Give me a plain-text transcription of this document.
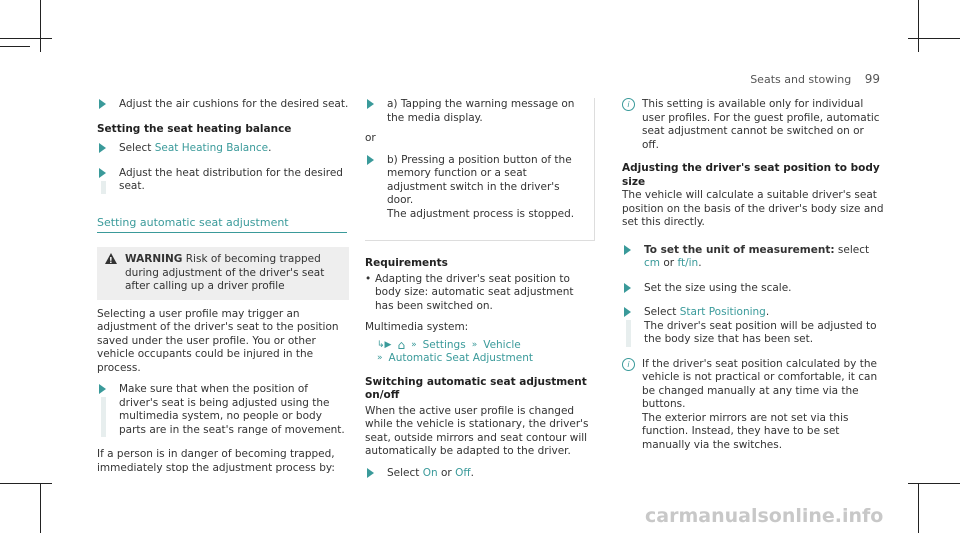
Seats and stowing 99
Adjust the air cushions for the desired seat.
Setting the seat heating balance
Select Seat Heating Balance.
Adjust the heat distribution for the desired seat.
Setting automatic seat adjustment
!
WARNING Risk of becoming trapped during adjustment of the driver's seat after calling up a driver profile
Selecting a user profile may trigger an adjustment of the driver's seat to the position saved under the user profile. You or other vehicle occupants could be injured in the process.
Make sure that when the position of driver's seat is being adjusted using the multimedia system, no people or body parts are in the seat's range of movement.
If a person is in danger of becoming trapped, immediately stop the adjustment process by:
a) Tapping the warning message on the media display.
or
b) Pressing a position button of the memory function or a seat adjustment switch in the driver's door.
The adjustment process is stopped.
Requirements
• Adapting the driver's seat position to body size: automatic seat adjustment has been switched on.
Multimedia system:
↳▶ ⌂ » Settings » Vehicle
» Automatic Seat Adjustment
Switching automatic seat adjustment on/off
When the active user profile is changed while the vehicle is stationary, the driver's seat, outside mirrors and seat contour will automatically be adapted to the driver.
Select On or Off.
i	This setting is available only for individual user profiles. For the guest profile, automatic seat adjustment cannot be switched on or off.
Adjusting the driver's seat position to body size
The vehicle will calculate a suitable driver's seat position on the basis of the driver's body size and set this directly.
To set the unit of measurement: select cm or ft/in.
Set the size using the scale.
Select Start Positioning.
The driver's seat position will be adjusted to the body size that has been set.
i	If the driver's seat position calculated by the vehicle is not practical or comfortable, it can be changed manually at any time via the buttons.
The exterior mirrors are not set via this function. Instead, they have to be set manually via the switches.
carmanualsonline.info
